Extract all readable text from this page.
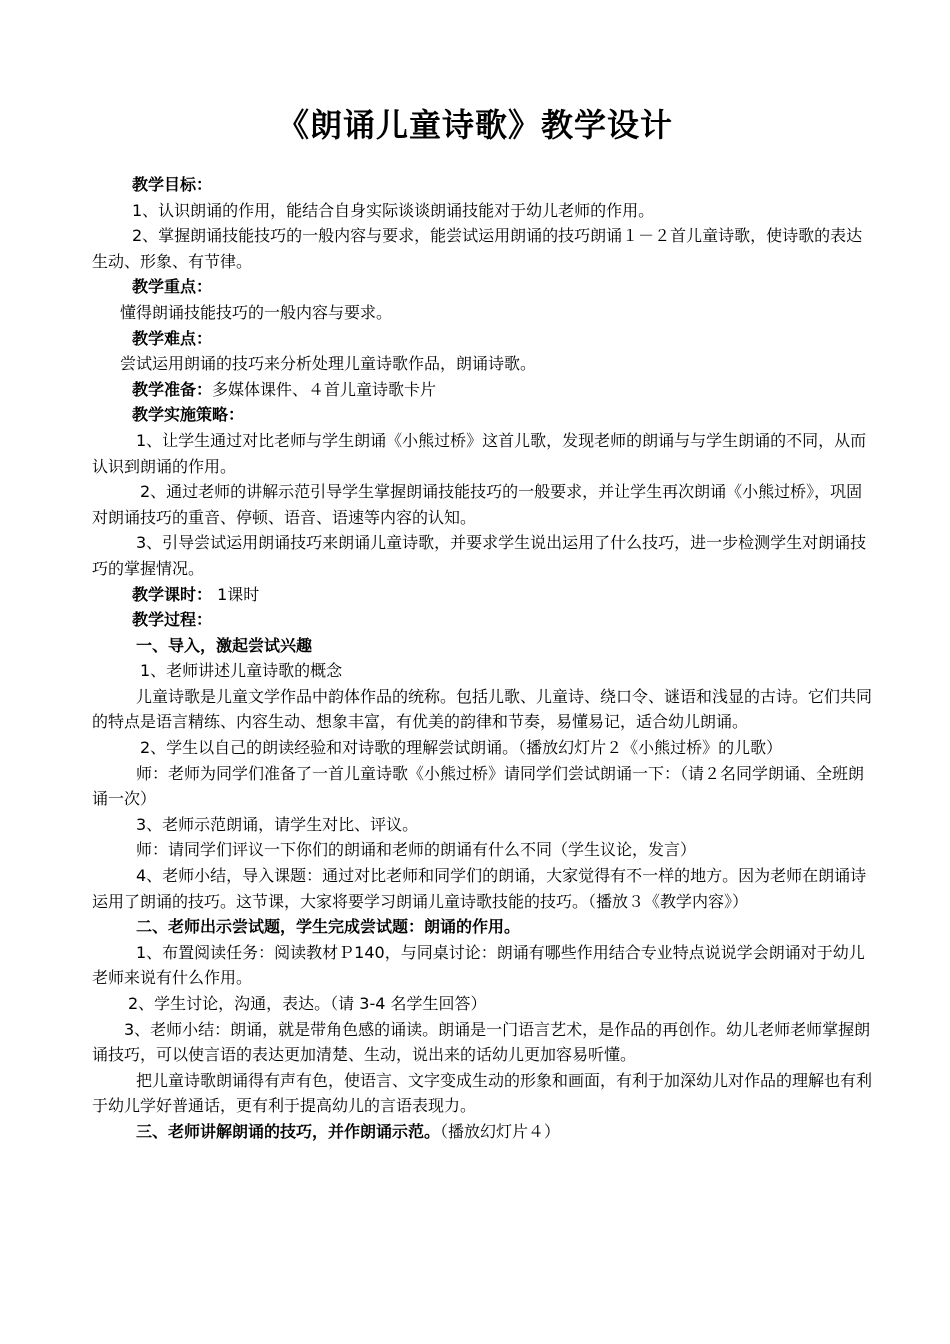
《朗诵儿童诗歌》教学设计

教学目标：

1、认识朗诵的作用，能结合自身实际谈谈朗诵技能对于幼儿老师的作用。

2、掌握朗诵技能技巧的一般内容与要求，能尝试运用朗诵的技巧朗诵１－２首儿童诗歌，使诗歌的表达生动、形象、有节律。

教学重点：

懂得朗诵技能技巧的一般内容与要求。

教学难点：

尝试运用朗诵的技巧来分析处理儿童诗歌作品，朗诵诗歌。

教学准备：多媒体课件、４首儿童诗歌卡片

教学实施策略：

1、让学生通过对比老师与学生朗诵《小熊过桥》这首儿歌，发现老师的朗诵与与学生朗诵的不同，从而认识到朗诵的作用。

2、通过老师的讲解示范引导学生掌握朗诵技能技巧的一般要求，并让学生再次朗诵《小熊过桥》，巩固对朗诵技巧的重音、停顿、语音、语速等内容的认知。

3、引导尝试运用朗诵技巧来朗诵儿童诗歌，并要求学生说出运用了什么技巧，进一步检测学生对朗诵技巧的掌握情况。

教学课时： 1课时

教学过程：

一、导入，激起尝试兴趣

1、老师讲述儿童诗歌的概念

儿童诗歌是儿童文学作品中韵体作品的统称。包括儿歌、儿童诗、绕口令、谜语和浅显的古诗。它们共同的特点是语言精练、内容生动、想象丰富，有优美的韵律和节奏，易懂易记，适合幼儿朗诵。

2、学生以自己的朗读经验和对诗歌的理解尝试朗诵。（播放幻灯片２《小熊过桥》的儿歌）

师：老师为同学们准备了一首儿童诗歌《小熊过桥》请同学们尝试朗诵一下：（请２名同学朗诵、全班朗诵一次）

3、老师示范朗诵，请学生对比、评议。

师：请同学们评议一下你们的朗诵和老师的朗诵有什么不同（学生议论，发言）

4、老师小结，导入课题：通过对比老师和同学们的朗诵，大家觉得有不一样的地方。因为老师在朗诵诗运用了朗诵的技巧。这节课，大家将要学习朗诵儿童诗歌技能的技巧。（播放３《教学内容》）

二、老师出示尝试题，学生完成尝试题：朗诵的作用。

1、布置阅读任务：阅读教材Ｐ140，与同桌讨论：朗诵有哪些作用结合专业特点说说学会朗诵对于幼儿老师来说有什么作用。

2、学生讨论，沟通，表达。（请 3-4 名学生回答）

3、老师小结：朗诵，就是带角色感的诵读。朗诵是一门语言艺术，是作品的再创作。幼儿老师老师掌握朗诵技巧，可以使言语的表达更加清楚、生动，说出来的话幼儿更加容易听懂。

把儿童诗歌朗诵得有声有色，使语言、文字变成生动的形象和画面，有利于加深幼儿对作品的理解也有利于幼儿学好普通话，更有利于提高幼儿的言语表现力。

三、老师讲解朗诵的技巧，并作朗诵示范。（播放幻灯片４）
